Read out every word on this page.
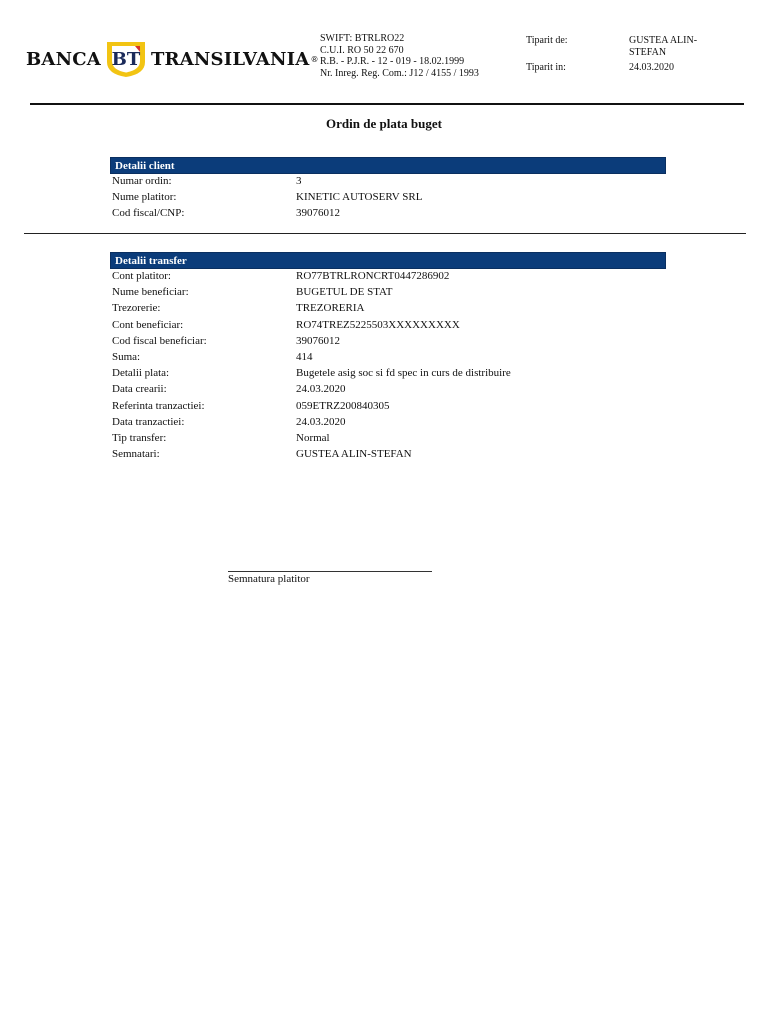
BANCA BT TRANSILVANIA ®
SWIFT: BTRLRO22
C.U.I. RO 50 22 670
R.B. - P.J.R. - 12 - 019 - 18.02.1999
Nr. Inreg. Reg. Com.: J12 / 4155 / 1993
Tiparit de:	GUSTEA ALIN-
STEFAN
Tiparit in:	24.03.2020
Ordin de plata buget
Detalii client
Numar ordin:	3
Nume platitor:	KINETIC AUTOSERV SRL
Cod fiscal/CNP:	39076012
Detalii transfer
Cont platitor:	RO77BTRLRONCRT0447286902
Nume beneficiar:	BUGETUL DE STAT
Trezorerie:	TREZORERIA
Cont beneficiar:	RO74TREZ5225503XXXXXXXXX
Cod fiscal beneficiar:	39076012
Suma:	414
Detalii plata:	Bugetele asig soc si fd spec in curs de distribuire
Data crearii:	24.03.2020
Referinta tranzactiei:	059ETRZ200840305
Data tranzactiei:	24.03.2020
Tip transfer:	Normal
Semnatari:	GUSTEA ALIN-STEFAN
Semnatura platitor
